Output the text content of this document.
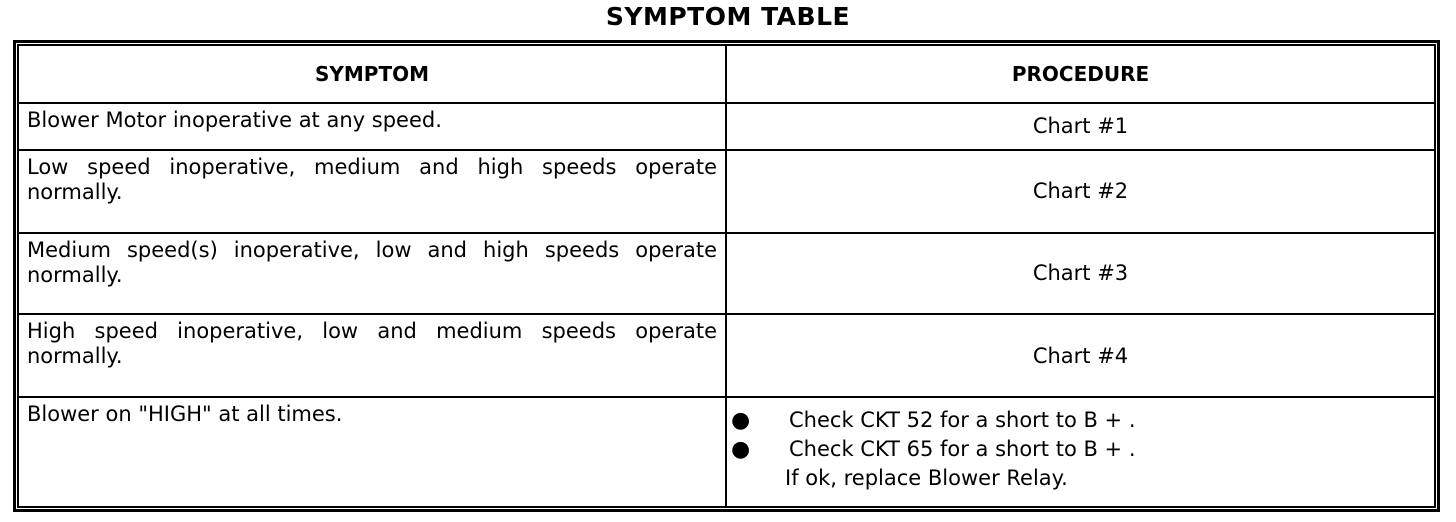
SYMPTOM TABLE
SYMPTOM	PROCEDURE
Blower Motor inoperative at any speed.	Chart #1
Low speed inoperative, medium and high speeds operate normally.	Chart #2
Medium speed(s) inoperative, low and high speeds operate normally.	Chart #3
High speed inoperative, low and medium speeds operate normally.	Chart #4
Blower on "HIGH" at all times.	● Check CKT 52 for a short to B + .
● Check CKT 65 for a short to B + .
If ok, replace Blower Relay.
